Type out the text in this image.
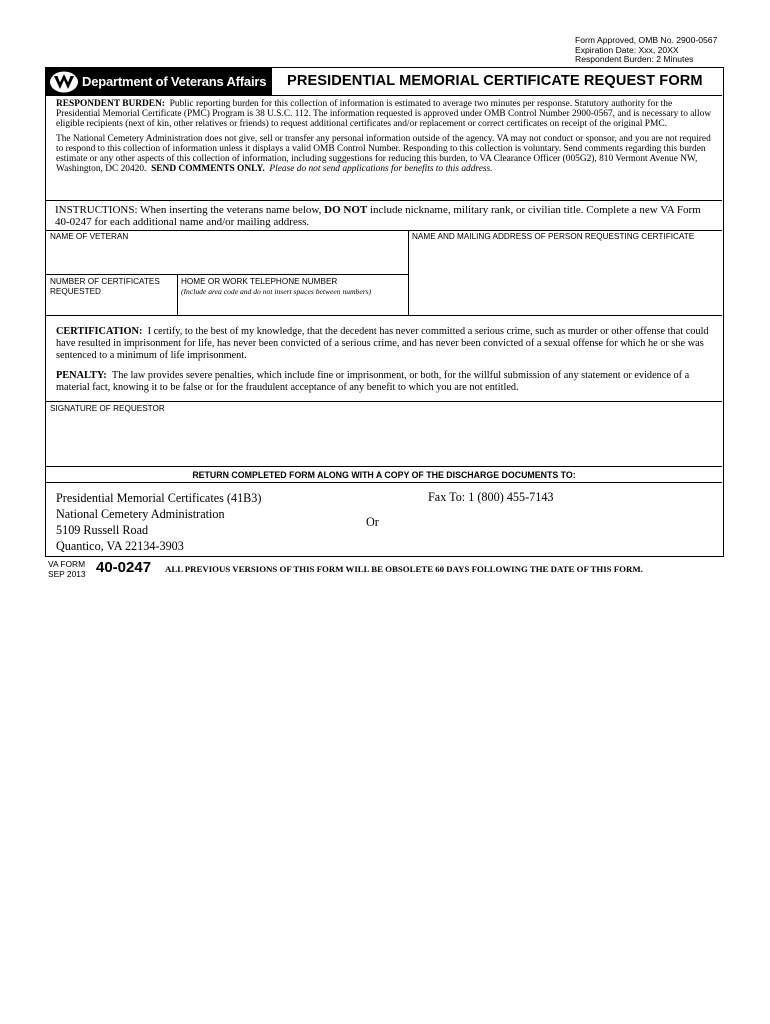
Form Approved, OMB No. 2900-0567
Expiration Date: Xxx, 20XX
Respondent Burden: 2 Minutes
Department of Veterans Affairs PRESIDENTIAL MEMORIAL CERTIFICATE REQUEST FORM

RESPONDENT BURDEN: Public reporting burden for this collection of information is estimated to average two minutes per response. Statutory authority for the Presidential Memorial Certificate (PMC) Program is 38 U.S.C. 112. The information requested is approved under OMB Control Number 2900-0567, and is necessary to allow eligible recipients (next of kin, other relatives or friends) to request additional certificates and/or replacement or correct certificates on receipt of the original PMC.

The National Cemetery Administration does not give, sell or transfer any personal information outside of the agency. VA may not conduct or sponsor, and you are not required to respond to this collection of information unless it displays a valid OMB Control Number. Responding to this collection is voluntary. Send comments regarding this burden estimate or any other aspects of this collection of information, including suggestions for reducing this burden, to VA Clearance Officer (005G2), 810 Vermont Avenue NW, Washington, DC 20420. SEND COMMENTS ONLY. Please do not send applications for benefits to this address.

INSTRUCTIONS: When inserting the veterans name below, DO NOT include nickname, military rank, or civilian title. Complete a new VA Form 40-0247 for each additional name and/or mailing address.
NAME OF VETERAN	NAME AND MAILING ADDRESS OF PERSON REQUESTING CERTIFICATE
NUMBER OF CERTIFICATES
REQUESTED
HOME OR WORK TELEPHONE NUMBER
(Include area code and do not insert spaces between numbers)

CERTIFICATION: I certify, to the best of my knowledge, that the decedent has never committed a serious crime, such as murder or other offense that could have resulted in imprisonment for life, has never been convicted of a serious crime, and has never been convicted of a sexual offense for which he or she was sentenced to a minimum of life imprisonment.

PENALTY: The law provides severe penalties, which include fine or imprisonment, or both, for the willful submission of any statement or evidence of a material fact, knowing it to be false or for the fraudulent acceptance of any benefit to which you are not entitled.

SIGNATURE OF REQUESTOR
RETURN COMPLETED FORM ALONG WITH A COPY OF THE DISCHARGE DOCUMENTS TO:
Presidential Memorial Certificates (41B3)
National Cemetery Administration
5109 Russell Road
Quantico, VA 22134-3903
Or
Fax To: 1 (800) 455-7143
VA FORM
SEP 2013 40-0247 ALL PREVIOUS VERSIONS OF THIS FORM WILL BE OBSOLETE 60 DAYS FOLLOWING THE DATE OF THIS FORM.
